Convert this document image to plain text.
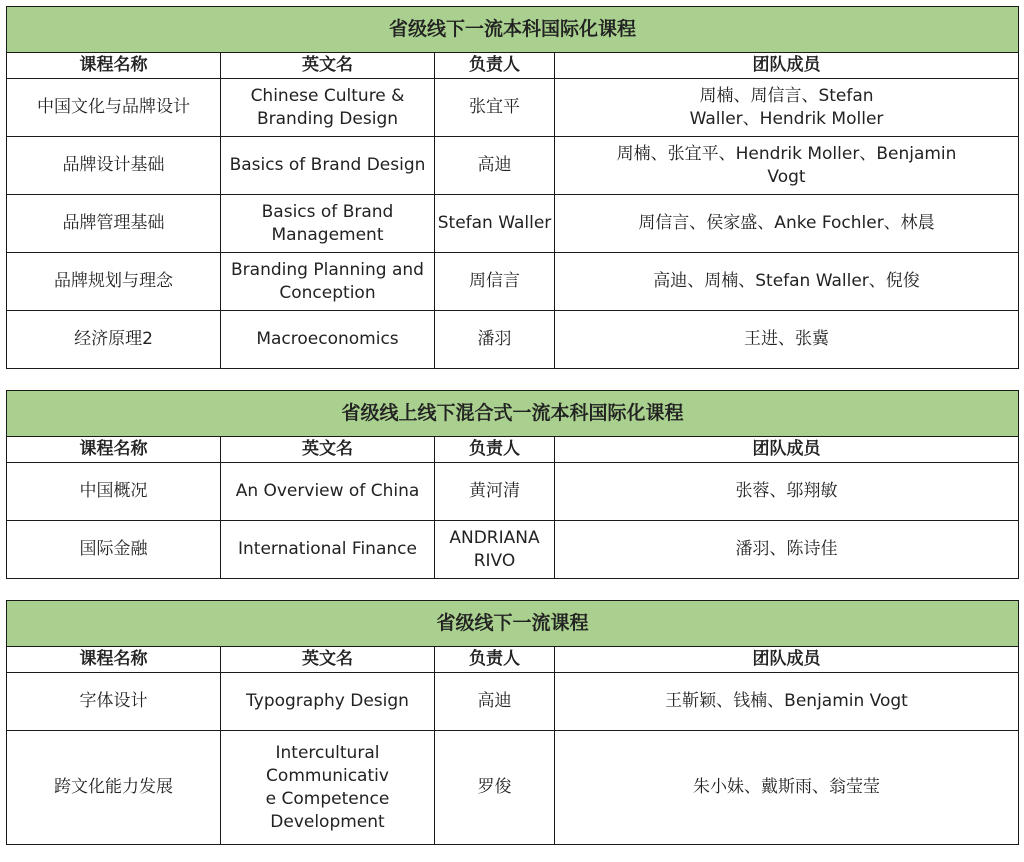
省级线下一流本科国际化课程			
课程名称	英文名	负责人	团队成员
中国文化与品牌设计	Chinese Culture & Branding Design	张宜平	周楠、周信言、Stefan Waller、Hendrik Moller
品牌设计基础	Basics of Brand Design	高迪	周楠、张宜平、Hendrik Moller、Benjamin Vogt
品牌管理基础	Basics of Brand Management	Stefan Waller	周信言、侯家盛、Anke Fochler、林晨
品牌规划与理念	Branding Planning and Conception	周信言	高迪、周楠、Stefan Waller、倪俊
经济原理2	Macroeconomics	潘羽	王进、张冀

省级线上线下混合式一流本科国际化课程			
课程名称	英文名	负责人	团队成员
中国概况	An Overview of China	黄河清	张蓉、邬翔敏
国际金融	International Finance	ANDRIANA RIVO	潘羽、陈诗佳

省级线下一流课程			
课程名称	英文名	负责人	团队成员
字体设计	Typography Design	高迪	王靳颖、钱楠、Benjamin Vogt
跨文化能力发展	Intercultural Communicative Competence Development	罗俊	朱小妹、戴斯雨、翁莹莹
